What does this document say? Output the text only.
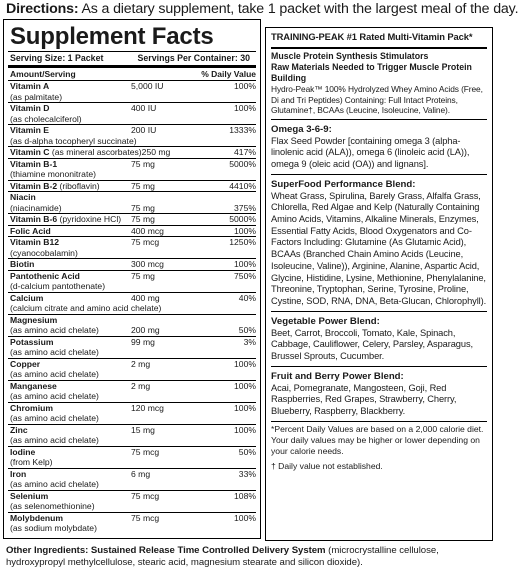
Directions: As a dietary supplement, take 1 packet with the largest meal of the day.
Supplement Facts
Serving Size: 1 Packet	Servings Per Container: 30
Amount/Serving	% Daily Value
Vitamin A	5,000 IU	100%
(as palmitate)
Vitamin D	400 IU	100%
(as cholecalciferol)
Vitamin E	200 IU	1333%
(as d-alpha tocopheryl succinate)
Vitamin C (as mineral ascorbates) 250 mg	417%
Vitamin B-1	75 mg	5000%
(thiamine mononitrate)
Vitamin B-2 (riboflavin)	75 mg	4410%
Niacin
(niacinamide)	75 mg	375%
Vitamin B-6 (pyridoxine HCl)	75 mg	5000%
Folic Acid	400 mcg	100%
Vitamin B12	75 mcg	1250%
(cyanocobalamin)
Biotin	300 mcg	100%
Pantothenic Acid	75 mg	750%
(d-calcium pantothenate)
Calcium	400 mg	40%
(calcium citrate and amino acid chelate)
Magnesium
(as amino acid chelate)	200 mg	50%
Potassium	99 mg	3%
(as amino acid chelate)
Copper	2 mg	100%
(as amino acid chelate)
Manganese	2 mg	100%
(as amino acid chelate)
Chromium	120 mcg	100%
(as amino acid chelate)
Zinc	15 mg	100%
(as amino acid chelate)
Iodine	75 mcg	50%
(from Kelp)
Iron	6 mg	33%
(as amino acid chelate)
Selenium	75 mcg	108%
(as selenomethionine)
Molybdenum	75 mcg	100%
(as sodium molybdate)
TRAINING-PEAK #1 Rated Multi-Vitamin Pack*
Muscle Protein Synthesis Stimulators
Raw Materials Needed to Trigger Muscle Protein Building
Hydro-Peak™ 100% Hydrolyzed Whey Amino Acids (Free, Di and Tri Peptides) Containing: Full Intact Proteins, Glutamine†, BCAAs (Leucine, Isoleucine, Valine).
Omega 3-6-9:
Flax Seed Powder [containing omega 3 (alpha-linolenic acid (ALA)), omega 6 (linoleic acid (LA)), omega 9 (oleic acid (OA)) and lignans].
SuperFood Performance Blend:
Wheat Grass, Spirulina, Barely Grass, Alfalfa Grass, Chlorella, Red Algae and Kelp (Naturally Containing Amino Acids, Vitamins, Alkaline Minerals, Enzymes, Essential Fatty Acids, Blood Oxygenators and Co-Factors Including: Glutamine (As Glutamic Acid), BCAAs (Branched Chain Amino Acids (Leucine, Isoleucine, Valine)), Arginine, Alanine, Aspartic Acid, Glycine, Histidine, Lysine, Methionine, Phenylalanine, Threonine, Tryptophan, Serine, Tyrosine, Proline, Cystine, SOD, RNA, DNA, Beta-Glucan, Chlorophyll).
Vegetable Power Blend:
Beet, Carrot, Broccoli, Tomato, Kale, Spinach, Cabbage, Cauliflower, Celery, Parsley, Asparagus, Brussel Sprouts, Cucumber.
Fruit and Berry Power Blend:
Acai, Pomegranate, Mangosteen, Goji, Red Raspberries, Red Grapes, Strawberry, Cherry, Blueberry, Raspberry, Blackberry.
*Percent Daily Values are based on a 2,000 calorie diet. Your daily values may be higher or lower depending on your calorie needs.
† Daily value not established.
Other Ingredients: Sustained Release Time Controlled Delivery System (microcrystalline cellulose, hydroxypropyl methylcellulose, stearic acid, magnesium stearate and silicon dioxide).
